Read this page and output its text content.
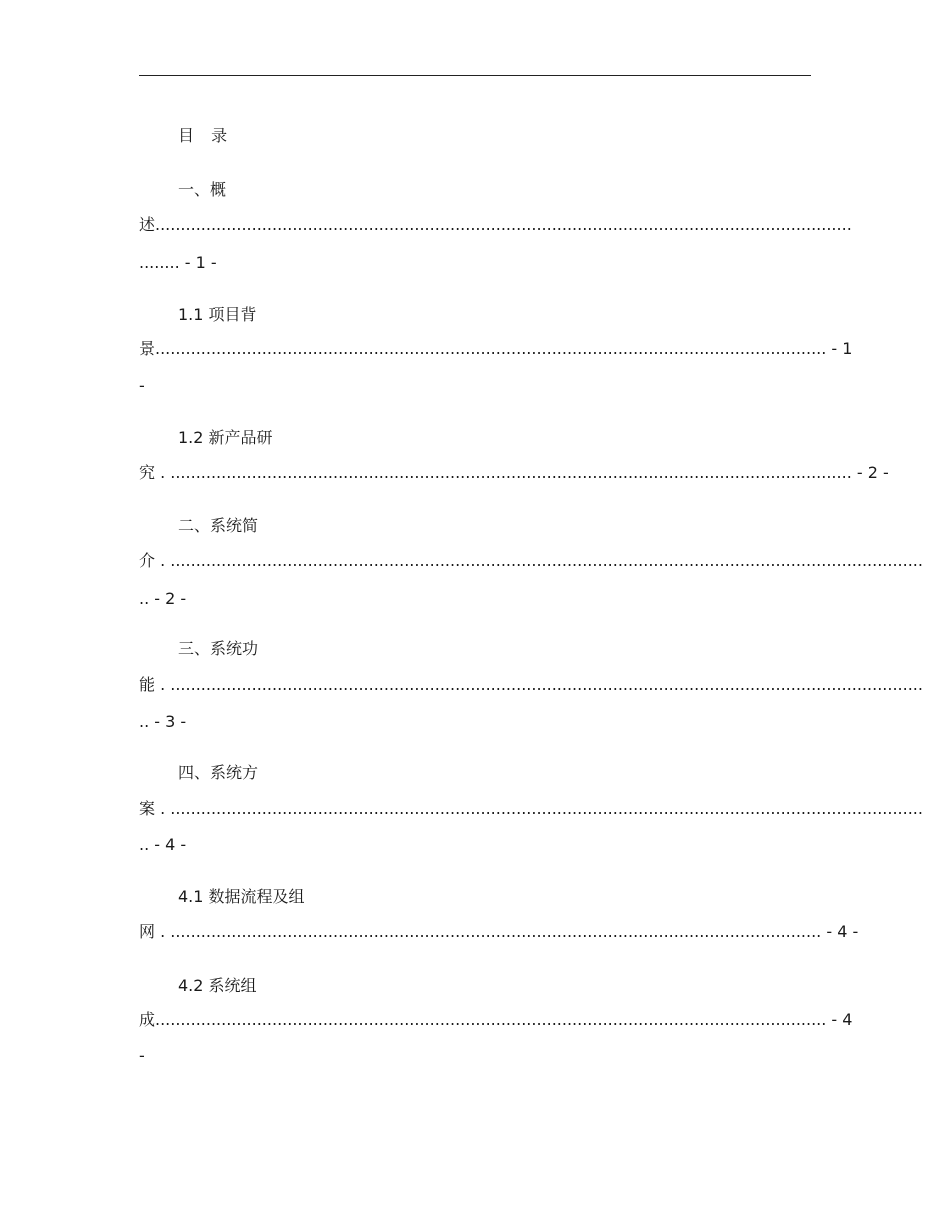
目 录
一、概
述.........................................................................................................................................
........ - 1 -
1.1 项目背
景.................................................................................................................................... - 1
-
1.2 新产品研
究 . ...................................................................................................................................... - 2 -
二、系统简
介 . ....................................................................................................................................................
.. - 2 -
三、系统功
能 . ....................................................................................................................................................
.. - 3 -
四、系统方
案 . ....................................................................................................................................................
.. - 4 -
4.1 数据流程及组
网 . ................................................................................................................................ - 4 -
4.2 系统组
成.................................................................................................................................... - 4
-
